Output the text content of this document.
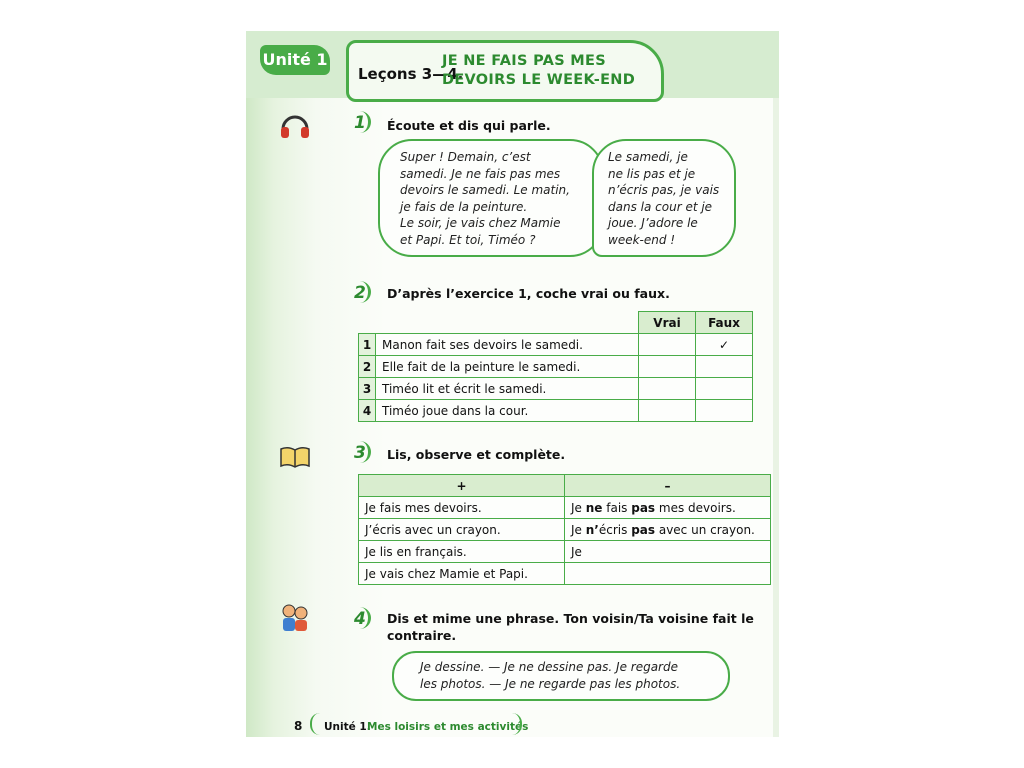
Unité 1
Leçons 3—4.
JE NE FAIS PAS MES
DEVOIRS LE WEEK-END
1 Écoute et dis qui parle.
Super ! Demain, c’est
samedi. Je ne fais pas mes
devoirs le samedi. Le matin,
je fais de la peinture.
Le soir, je vais chez Mamie
et Papi. Et toi, Timéo ?
Le samedi, je
ne lis pas et je
n’écris pas, je vais
dans la cour et je
joue. J’adore le
week-end !
2 D’après l’exercice 1, coche vrai ou faux.
		Vrai	Faux
1	Manon fait ses devoirs le samedi.		✓
2	Elle fait de la peinture le samedi.		
3	Timéo lit et écrit le samedi.		
4	Timéo joue dans la cour.		
3 Lis, observe et complète.
+	–
Je fais mes devoirs.	Je ne fais pas mes devoirs.
J’écris avec un crayon.	Je n’écris pas avec un crayon.
Je lis en français.	Je
Je vais chez Mamie et Papi.	
4 Dis et mime une phrase. Ton voisin/Ta voisine fait le
contraire.
Je dessine. — Je ne dessine pas. Je regarde
les photos. — Je ne regarde pas les photos.
8 Unité 1.
Mes loisirs et mes activités
